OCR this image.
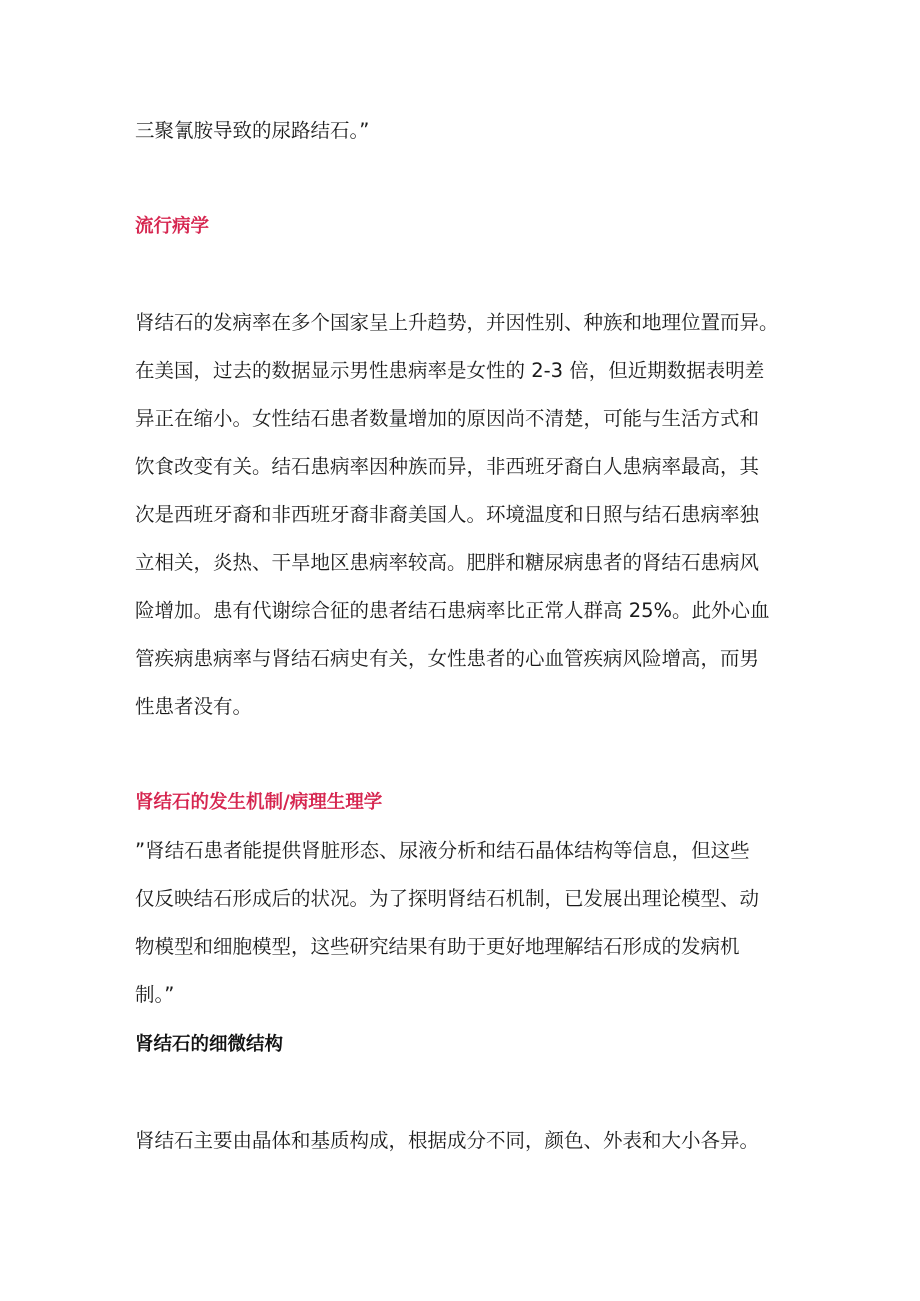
三聚氰胺导致的尿路结石。”
流行病学
肾结石的发病率在多个国家呈上升趋势，并因性别、种族和地理位置而异。
在美国，过去的数据显示男性患病率是女性的 2-3 倍，但近期数据表明差
异正在缩小。女性结石患者数量增加的原因尚不清楚，可能与生活方式和
饮食改变有关。结石患病率因种族而异，非西班牙裔白人患病率最高，其
次是西班牙裔和非西班牙裔非裔美国人。环境温度和日照与结石患病率独
立相关，炎热、干旱地区患病率较高。肥胖和糖尿病患者的肾结石患病风
险增加。患有代谢综合征的患者结石患病率比正常人群高 25%。此外心血
管疾病患病率与肾结石病史有关，女性患者的心血管疾病风险增高，而男
性患者没有。
肾结石的发生机制/病理生理学
”肾结石患者能提供肾脏形态、尿液分析和结石晶体结构等信息，但这些
仅反映结石形成后的状况。为了探明肾结石机制，已发展出理论模型、动
物模型和细胞模型，这些研究结果有助于更好地理解结石形成的发病机
制。”
肾结石的细微结构
肾结石主要由晶体和基质构成，根据成分不同，颜色、外表和大小各异。
